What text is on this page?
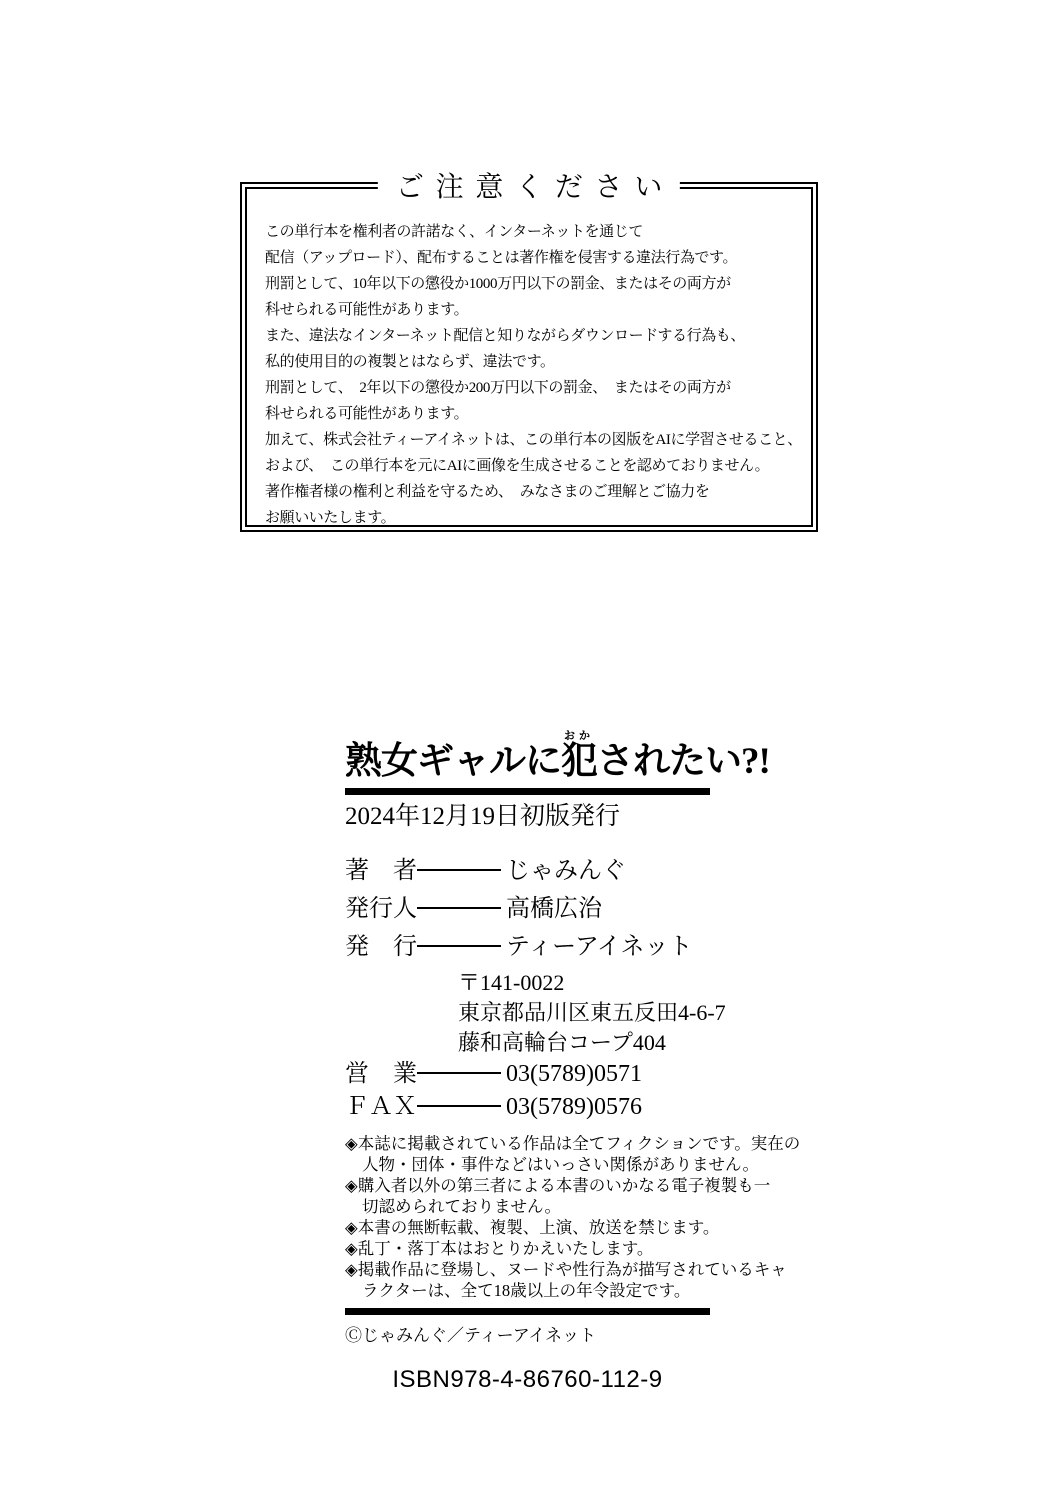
ご注意ください
この単行本を権利者の許諾なく、インターネットを通じて
配信（アップロード）、配布することは著作権を侵害する違法行為です。
刑罰として、10年以下の懲役か1000万円以下の罰金、またはその両方が
科せられる可能性があります。
また、違法なインターネット配信と知りながらダウンロードする行為も、
私的使用目的の複製とはならず、違法です。
刑罰として、　2年以下の懲役か200万円以下の罰金、　またはその両方が
科せられる可能性があります。
加えて、株式会社ティーアイネットは、この単行本の図版をAIに学習させること、
および、　この単行本を元にAIに画像を生成させることを認めておりません。
著作権者様の権利と利益を守るため、　みなさまのご理解とご協力を
お願いいたします。
熟女ギャルに犯おかされたい?!
2024年12月19日初版発行
著　者	じゃみんぐ
発行人	高橋広治
発　行	ティーアイネット
〒141-0022
東京都品川区東五反田4-6-7
藤和高輪台コープ404
営　業	03(5789)0571
ＦＡＸ	03(5789)0576
◈本誌に掲載されている作品は全てフィクションです。実在の
人物・団体・事件などはいっさい関係がありません。
◈購入者以外の第三者による本書のいかなる電子複製も一
切認められておりません。
◈本書の無断転載、複製、上演、放送を禁じます。
◈乱丁・落丁本はおとりかえいたします。
◈掲載作品に登場し、ヌードや性行為が描写されているキャ
ラクターは、全て18歳以上の年令設定です。
Ⓒじゃみんぐ／ティーアイネット
ISBN978-4-86760-112-9
